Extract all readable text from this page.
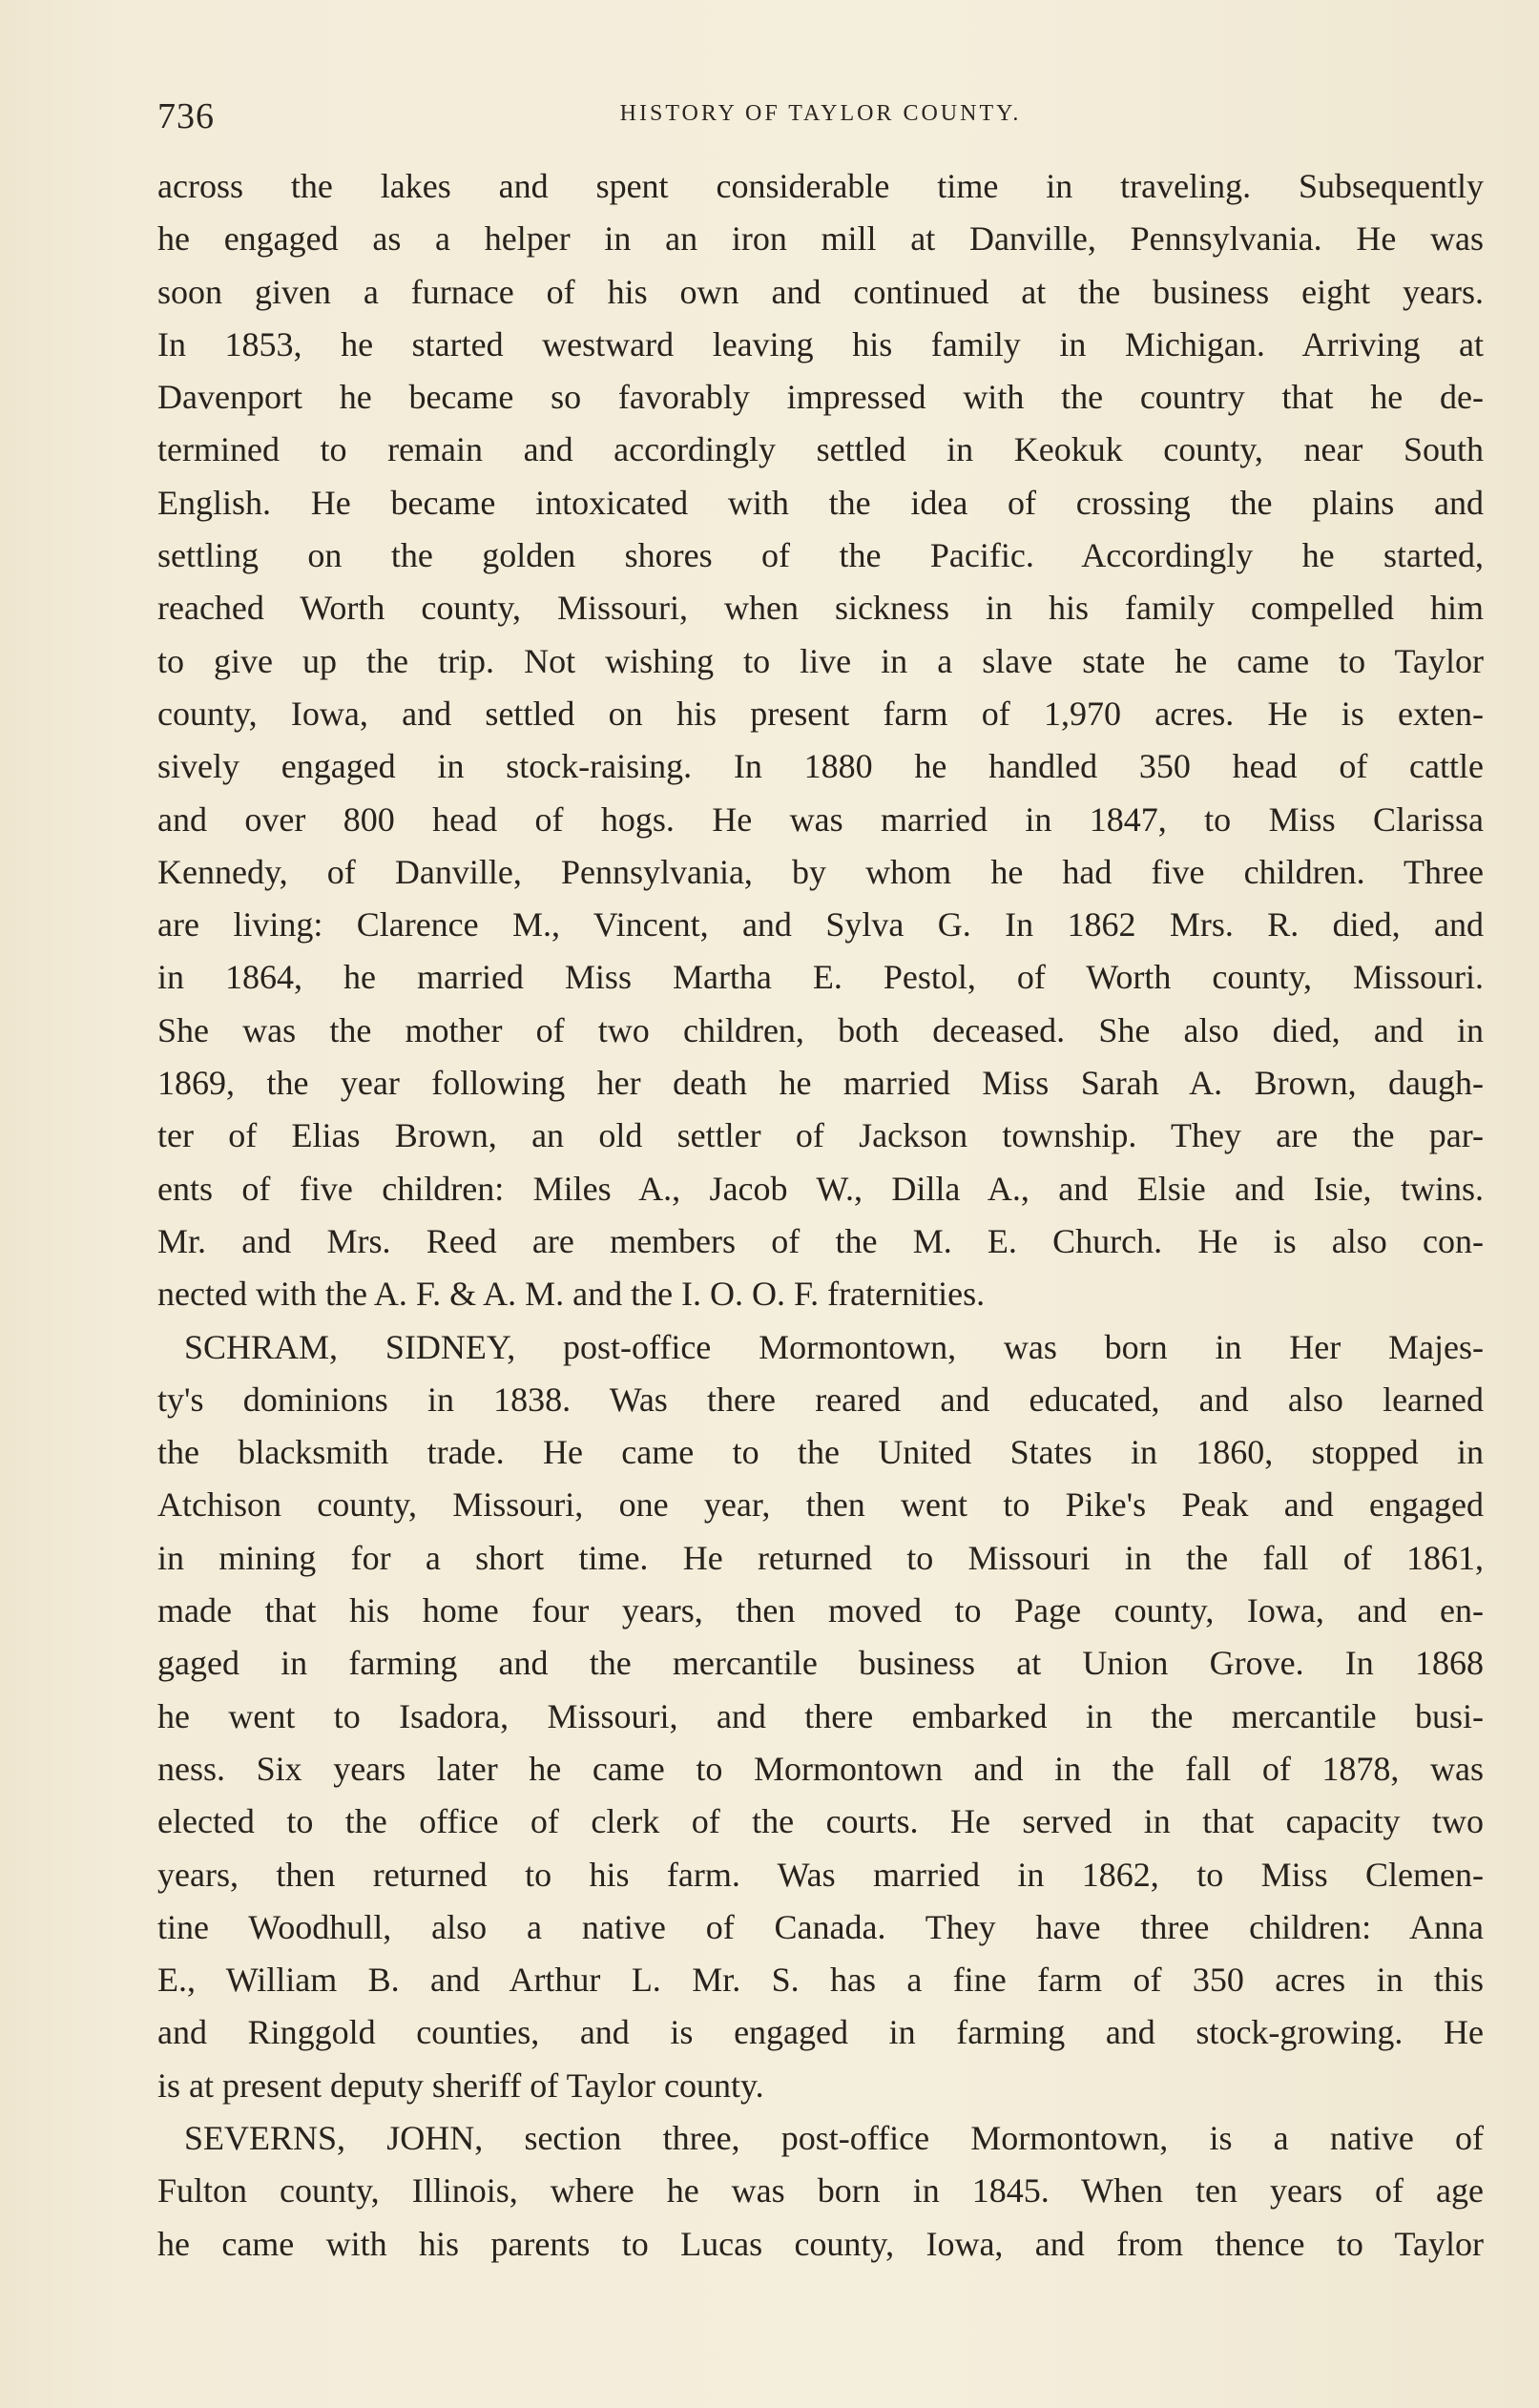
736	HISTORY OF TAYLOR COUNTY.
across the lakes and spent considerable time in traveling. Subsequently
he engaged as a helper in an iron mill at Danville, Pennsylvania. He was
soon given a furnace of his own and continued at the business eight years.
In 1853, he started westward leaving his family in Michigan. Arriving at
Davenport he became so favorably impressed with the country that he de-
termined to remain and accordingly settled in Keokuk county, near South
English. He became intoxicated with the idea of crossing the plains and
settling on the golden shores of the Pacific. Accordingly he started,
reached Worth county, Missouri, when sickness in his family compelled him
to give up the trip. Not wishing to live in a slave state he came to Taylor
county, Iowa, and settled on his present farm of 1,970 acres. He is exten-
sively engaged in stock-raising. In 1880 he handled 350 head of cattle
and over 800 head of hogs. He was married in 1847, to Miss Clarissa
Kennedy, of Danville, Pennsylvania, by whom he had five children. Three
are living: Clarence M., Vincent, and Sylva G. In 1862 Mrs. R. died, and
in 1864, he married Miss Martha E. Pestol, of Worth county, Missouri.
She was the mother of two children, both deceased. She also died, and in
1869, the year following her death he married Miss Sarah A. Brown, daugh-
ter of Elias Brown, an old settler of Jackson township. They are the par-
ents of five children: Miles A., Jacob W., Dilla A., and Elsie and Isie, twins.
Mr. and Mrs. Reed are members of the M. E. Church. He is also con-
nected with the A. F. & A. M. and the I. O. O. F. fraternities.
SCHRAM, SIDNEY, post-office Mormontown, was born in Her Majes-
ty's dominions in 1838. Was there reared and educated, and also learned
the blacksmith trade. He came to the United States in 1860, stopped in
Atchison county, Missouri, one year, then went to Pike's Peak and engaged
in mining for a short time. He returned to Missouri in the fall of 1861,
made that his home four years, then moved to Page county, Iowa, and en-
gaged in farming and the mercantile business at Union Grove. In 1868
he went to Isadora, Missouri, and there embarked in the mercantile busi-
ness. Six years later he came to Mormontown and in the fall of 1878, was
elected to the office of clerk of the courts. He served in that capacity two
years, then returned to his farm. Was married in 1862, to Miss Clemen-
tine Woodhull, also a native of Canada. They have three children: Anna
E., William B. and Arthur L. Mr. S. has a fine farm of 350 acres in this
and Ringgold counties, and is engaged in farming and stock-growing. He
is at present deputy sheriff of Taylor county.
SEVERNS, JOHN, section three, post-office Mormontown, is a native of
Fulton county, Illinois, where he was born in 1845. When ten years of age
he came with his parents to Lucas county, Iowa, and from thence to Taylor
